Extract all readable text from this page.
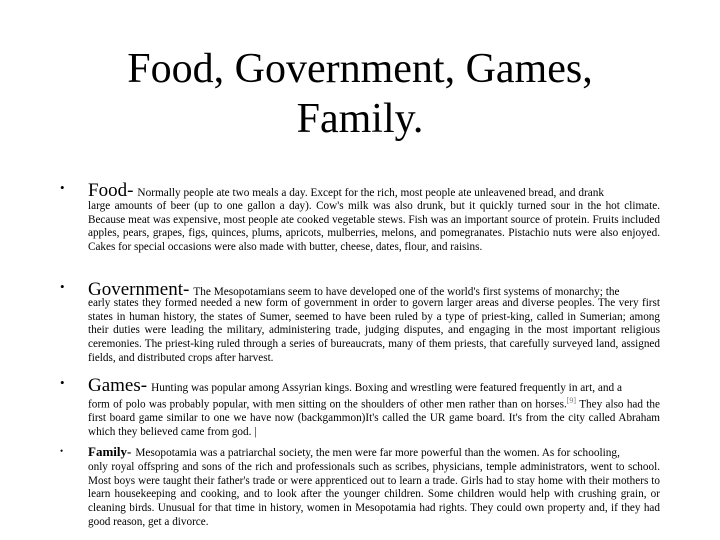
Food, Government, Games,
Family.
• Food- Normally people ate two meals a day. Except for the rich, most people ate unleavened bread, and drank
large amounts of beer (up to one gallon a day). Cow's milk was also drunk, but it quickly turned sour in the hot climate. Because meat was expensive, most people ate cooked vegetable stews. Fish was an important source of protein. Fruits included apples, pears, grapes, figs, quinces, plums, apricots, mulberries, melons, and pomegranates. Pistachio nuts were also enjoyed. Cakes for special occasions were also made with butter, cheese, dates, flour, and raisins.
• Government- The Mesopotamians seem to have developed one of the world's first systems of monarchy; the
early states they formed needed a new form of government in order to govern larger areas and diverse peoples. The very first states in human history, the states of Sumer, seemed to have been ruled by a type of priest-king, called in Sumerian; among their duties were leading the military, administering trade, judging disputes, and engaging in the most important religious ceremonies. The priest-king ruled through a series of bureaucrats, many of them priests, that carefully surveyed land, assigned fields, and distributed crops after harvest.
• Games- Hunting was popular among Assyrian kings. Boxing and wrestling were featured frequently in art, and a
form of polo was probably popular, with men sitting on the shoulders of other men rather than on horses.[9] They also had the first board game similar to one we have now (backgammon)It's called the UR game board. It's from the city called Abraham which they believed came from god. |
• Family- Mesopotamia was a patriarchal society, the men were far more powerful than the women. As for schooling,
only royal offspring and sons of the rich and professionals such as scribes, physicians, temple administrators, went to school. Most boys were taught their father's trade or were apprenticed out to learn a trade. Girls had to stay home with their mothers to learn housekeeping and cooking, and to look after the younger children. Some children would help with crushing grain, or cleaning birds. Unusual for that time in history, women in Mesopotamia had rights. They could own property and, if they had good reason, get a divorce.
